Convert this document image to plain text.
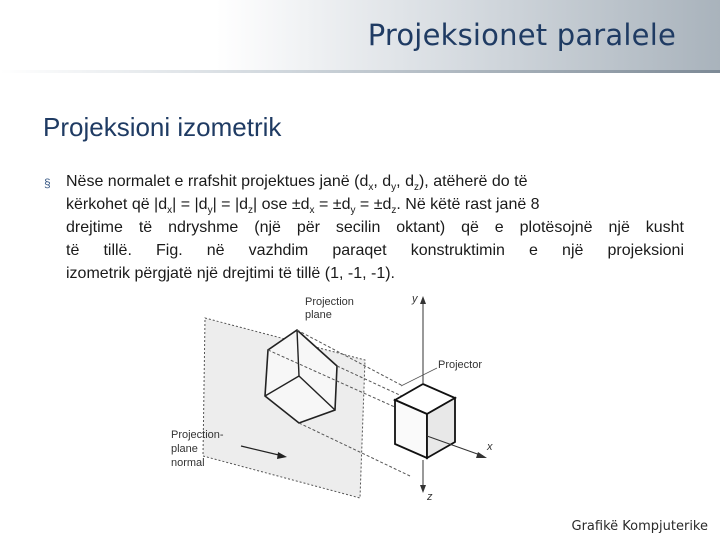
Projeksionet paralele
Projeksioni izometrik
§ Nëse normalet e rrafshit projektues janë ($d_x$, $d_y$, $d_z$), atëherë do të
kërkohet që $|d_x| = |d_y| = |d_z|$ ose $\pm d_x = \pm d_y = \pm d_z$. Në këtë rast janë 8
drejtime të ndryshme (një për secilin oktant) që e plotësojnë një kusht
të tillë. Fig. në vazhdim paraqet konstruktimin e një projeksioni
izometrik përgjatë një drejtimi të tillë (1, -1, -1).
Projection
plane
Projector
Projection-
plane
normal
y
x
z
Grafikë Kompjuterike
